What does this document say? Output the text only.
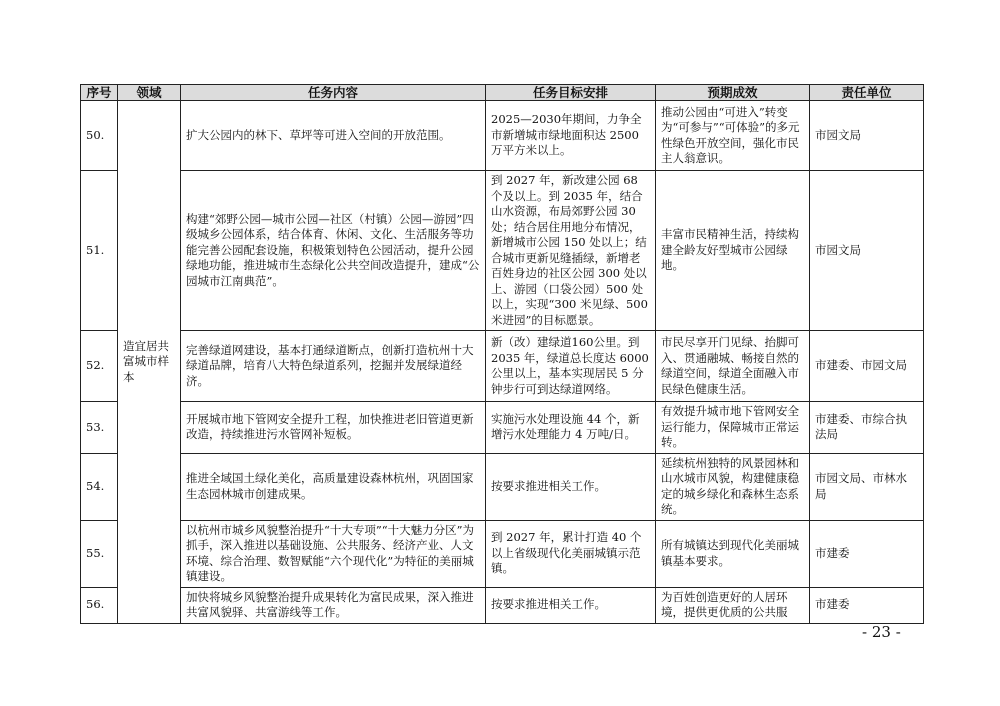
序号	领域	任务内容	任务目标安排	预期成效	责任单位
50.	造宜居共富城市样本	扩大公园内的林下、草坪等可进入空间的开放范围。	2025—2030年期间，力争全市新增城市绿地面积达 2500 万平方米以上。	推动公园由“可进入”转变为“可参与”“可体验”的多元性绿色开放空间，强化市民主人翁意识。	市园文局
51.		构建“郊野公园—城市公园—社区（村镇）公园—游园”四级城乡公园体系，结合体育、休闲、文化、生活服务等功能完善公园配套设施，积极策划特色公园活动，提升公园绿地功能，推进城市生态绿化公共空间改造提升，建成“公园城市江南典范”。	到 2027 年，新改建公园 68 个及以上。到 2035 年，结合山水资源，布局郊野公园 30 处；结合居住用地分布情况，新增城市公园 150 处以上；结合城市更新见缝插绿，新增老百姓身边的社区公园 300 处以上、游园（口袋公园）500 处以上，实现“300 米见绿、500 米进园”的目标愿景。	丰富市民精神生活，持续构建全龄友好型城市公园绿地。	市园文局
52.		完善绿道网建设，基本打通绿道断点，创新打造杭州十大绿道品牌，培育八大特色绿道系列，挖掘并发展绿道经济。	新（改）建绿道160公里。到 2035 年，绿道总长度达 6000 公里以上，基本实现居民 5 分钟步行可到达绿道网络。	市民尽享开门见绿、抬脚可入、贯通融城、畅接自然的绿道空间，绿道全面融入市民绿色健康生活。	市建委、市园文局
53.		开展城市地下管网安全提升工程，加快推进老旧管道更新改造，持续推进污水管网补短板。	实施污水处理设施 44 个，新增污水处理能力 4 万吨/日。	有效提升城市地下管网安全运行能力，保障城市正常运转。	市建委、市综合执法局
54.		推进全域国土绿化美化，高质量建设森林杭州，巩固国家生态园林城市创建成果。	按要求推进相关工作。	延续杭州独特的风景园林和山水城市风貌，构建健康稳定的城乡绿化和森林生态系统。	市园文局、市林水局
55.		以杭州市城乡风貌整治提升“十大专项”“十大魅力分区”为抓手，深入推进以基础设施、公共服务、经济产业、人文环境、综合治理、数智赋能“六个现代化”为特征的美丽城镇建设。	到 2027 年，累计打造 40 个以上省级现代化美丽城镇示范镇。	所有城镇达到现代化美丽城镇基本要求。	市建委
56.		加快将城乡风貌整治提升成果转化为富民成果，深入推进共富风貌驿、共富游线等工作。	按要求推进相关工作。	为百姓创造更好的人居环境，提供更优质的公共服	市建委
- 23 -
